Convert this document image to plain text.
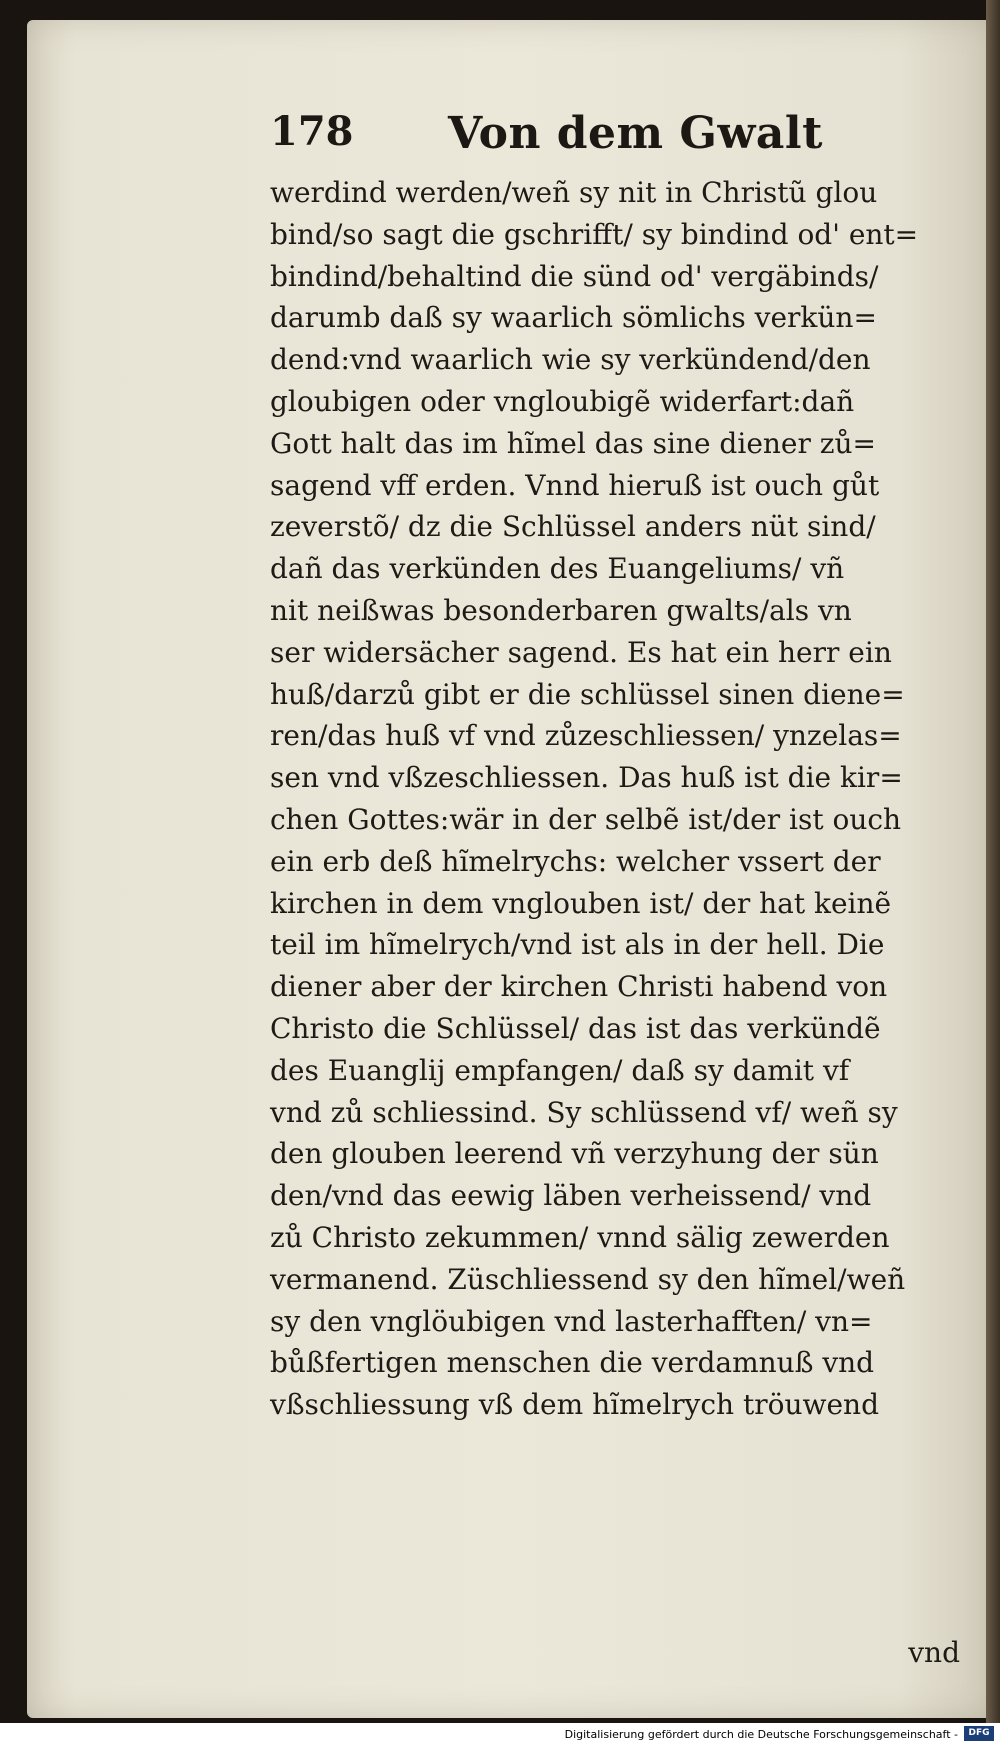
178 Von dem Gwalt
werdind werden/weñ sy nit in Christũ glou
bind/so sagt die gschrifft/ sy bindind od' ent=
bindind/behaltind die sünd od' vergäbinds/
darumb daß sy waarlich sömlichs verkün=
dend:vnd waarlich wie sy verkündend/den
gloubigen oder vngloubigẽ widerfart:dañ
Gott halt das im hĩmel das sine diener zů=
sagend vff erden. Vnnd hieruß ist ouch gůt
zeverstõ/ dz die Schlüssel anders nüt sind/
dañ das verkünden des Euangeliums/ vñ
nit neißwas besonderbaren gwalts/als vn
ser widersächer sagend. Es hat ein herr ein
huß/darzů gibt er die schlüssel sinen diene=
ren/das huß vf vnd zůzeschliessen/ ynzelas=
sen vnd vßzeschliessen. Das huß ist die kir=
chen Gottes:wär in der selbẽ ist/der ist ouch
ein erb deß hĩmelrychs: welcher vssert der
kirchen in dem vnglouben ist/ der hat keinẽ
teil im hĩmelrych/vnd ist als in der hell. Die
diener aber der kirchen Christi habend von
Christo die Schlüssel/ das ist das verkündẽ
des Euanglij empfangen/ daß sy damit vf
vnd zů schliessind. Sy schlüssend vf/ weñ sy
den glouben leerend vñ verzyhung der sün
den/vnd das eewig läben verheissend/ vnd
zů Christo zekummen/ vnnd sälig zewerden
vermanend. Züschliessend sy den hĩmel/weñ
sy den vnglöubigen vnd lasterhafften/ vn=
bůßfertigen menschen die verdamnuß vnd
vßschliessung vß dem hĩmelrych tröuwend
vnd
Digitalisierung gefördert durch die Deutsche Forschungsgemeinschaft -	DFG
